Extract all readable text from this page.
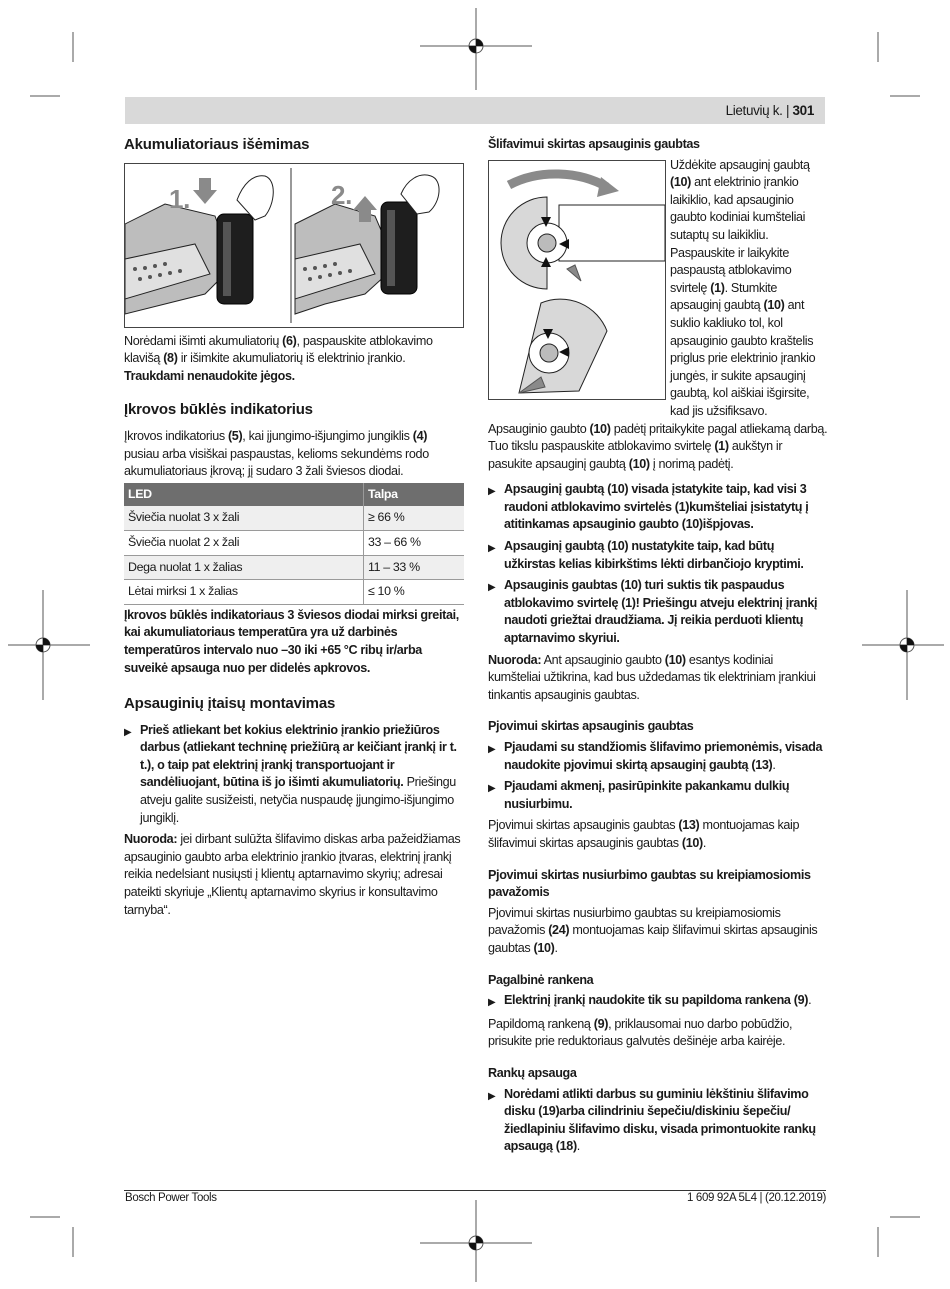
Lietuvių k. | 301
Akumuliatoriaus išėmimas
1.	2.

Norėdami išimti akumuliatorių (6), paspauskite atblokavimo klavišą (8) ir išimkite akumuliatorių iš elektrinio įrankio. Traukdami nenaudokite jėgos.

Įkrovos būklės indikatorius

Įkrovos indikatorius (5), kai įjungimo-išjungimo jungiklis (4) pusiau arba visiškai paspaustas, kelioms sekundėms rodo akumuliatoriaus įkrovą; jį sudaro 3 žali šviesos diodai.

LED	Talpa
Šviečia nuolat 3 x žali	≥ 66 %
Šviečia nuolat 2 x žali	33 – 66 %
Dega nuolat 1 x žalias	11 – 33 %
Lėtai mirksi 1 x žalias	≤ 10 %

Įkrovos būklės indikatoriaus 3 šviesos diodai mirksi greitai, kai akumuliatoriaus temperatūra yra už darbinės temperatūros intervalo nuo –30 iki +65 °C ribų ir/arba suveikė apsauga nuo per didelės apkrovos.

Apsauginių įtaisų montavimas
▶ Prieš atliekant bet kokius elektrinio įrankio priežiūros darbus (atliekant techninę priežiūrą ar keičiant įrankį ir t. t.), o taip pat elektrinį įrankį transportuojant ir sandėliuojant, būtina iš jo išimti akumuliatorių. Priešingu atveju galite susižeisti, netyčia nuspaudę įjungimo-išjungimo jungiklį.

Nuoroda: jei dirbant sulūžta šlifavimo diskas arba pažeidžiamas apsauginio gaubto arba elektrinio įrankio įtvaras, elektrinį įrankį reikia nedelsiant nusiųsti į klientų aptarnavimo skyrių; adresai pateikti skyriuje „Klientų aptarnavimo skyrius ir konsultavimo tarnyba“.

Šlifavimui skirtas apsauginis gaubtas

Uždėkite apsauginį gaubtą (10) ant elektrinio įrankio laikiklio, kad apsauginio gaubto kodiniai kumšteliai sutaptų su laikikliu. Paspauskite ir laikykite paspaustą atblokavimo svirtelę (1). Stumkite apsauginį gaubtą (10) ant suklio kakliuko tol, kol apsauginio gaubto kraštelis priglus prie elektrinio įrankio jungės, ir sukite apsauginį gaubtą, kol aiškiai išgirsite, kad jis užsifiksavo. Apsauginio gaubto (10) padėtį pritaikykite pagal atliekamą darbą. Tuo tikslu paspauskite atblokavimo svirtelę (1) aukštyn ir pasukite apsauginį gaubtą (10) į norimą padėtį.

▶ Apsauginį gaubtą (10) visada įstatykite taip, kad visi 3 raudoni atblokavimo svirtelės (1)kumšteliai įsistatytų į atitinkamas apsauginio gaubto (10)išpjovas.
▶ Apsauginį gaubtą (10) nustatykite taip, kad būtų užkirstas kelias kibirkštims lėkti dirbančiojo kryptimi.
▶ Apsauginis gaubtas (10) turi suktis tik paspaudus atblokavimo svirtelę (1)! Priešingu atveju elektrinį įrankį naudoti griežtai draudžiama. Jį reikia perduoti klientų aptarnavimo skyriui.

Nuoroda: Ant apsauginio gaubto (10) esantys kodiniai kumšteliai užtikrina, kad bus uždedamas tik elektriniam įrankiui tinkantis apsauginis gaubtas.

Pjovimui skirtas apsauginis gaubtas
▶ Pjaudami su standžiomis šlifavimo priemonėmis, visada naudokite pjovimui skirtą apsauginį gaubtą (13).
▶ Pjaudami akmenį, pasirūpinkite pakankamu dulkių nusiurbimu.

Pjovimui skirtas apsauginis gaubtas (13) montuojamas kaip šlifavimui skirtas apsauginis gaubtas (10).

Pjovimui skirtas nusiurbimo gaubtas su kreipiamosiomis pavažomis

Pjovimui skirtas nusiurbimo gaubtas su kreipiamosiomis pavažomis (24) montuojamas kaip šlifavimui skirtas apsauginis gaubtas (10).

Pagalbinė rankena
▶ Elektrinį įrankį naudokite tik su papildoma rankena (9).

Papildomą rankeną (9), priklausomai nuo darbo pobūdžio, prisukite prie reduktoriaus galvutės dešinėje arba kairėje.

Rankų apsauga
▶ Norėdami atlikti darbus su guminiu lėkštiniu šlifavimo disku (19)arba cilindriniu šepečiu/diskiniu šepečiu/žiedlapiniu šlifavimo disku, visada primontuokite rankų apsaugą (18).
Bosch Power Tools	1 609 92A 5L4 | (20.12.2019)
